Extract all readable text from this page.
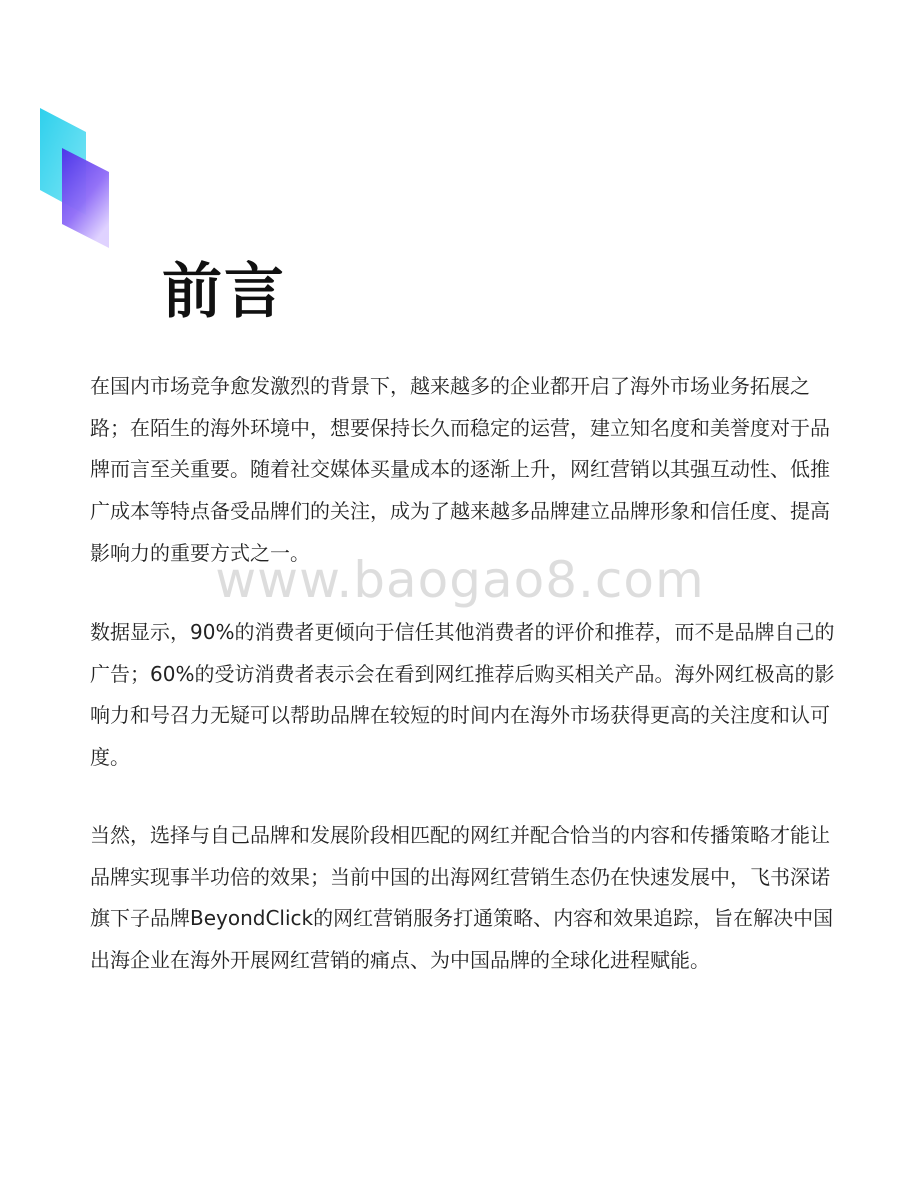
前言

在国内市场竞争愈发激烈的背景下，越来越多的企业都开启了海外市场业务拓展之路；在陌生的海外环境中，想要保持长久而稳定的运营，建立知名度和美誉度对于品牌而言至关重要。随着社交媒体买量成本的逐渐上升，网红营销以其强互动性、低推广成本等特点备受品牌们的关注，成为了越来越多品牌建立品牌形象和信任度、提高影响力的重要方式之一。

www.baogao8.com

数据显示，90%的消费者更倾向于信任其他消费者的评价和推荐，而不是品牌自己的广告；60%的受访消费者表示会在看到网红推荐后购买相关产品。海外网红极高的影响力和号召力无疑可以帮助品牌在较短的时间内在海外市场获得更高的关注度和认可度。

当然，选择与自己品牌和发展阶段相匹配的网红并配合恰当的内容和传播策略才能让品牌实现事半功倍的效果；当前中国的出海网红营销生态仍在快速发展中，飞书深诺旗下子品牌BeyondClick的网红营销服务打通策略、内容和效果追踪，旨在解决中国出海企业在海外开展网红营销的痛点、为中国品牌的全球化进程赋能。
